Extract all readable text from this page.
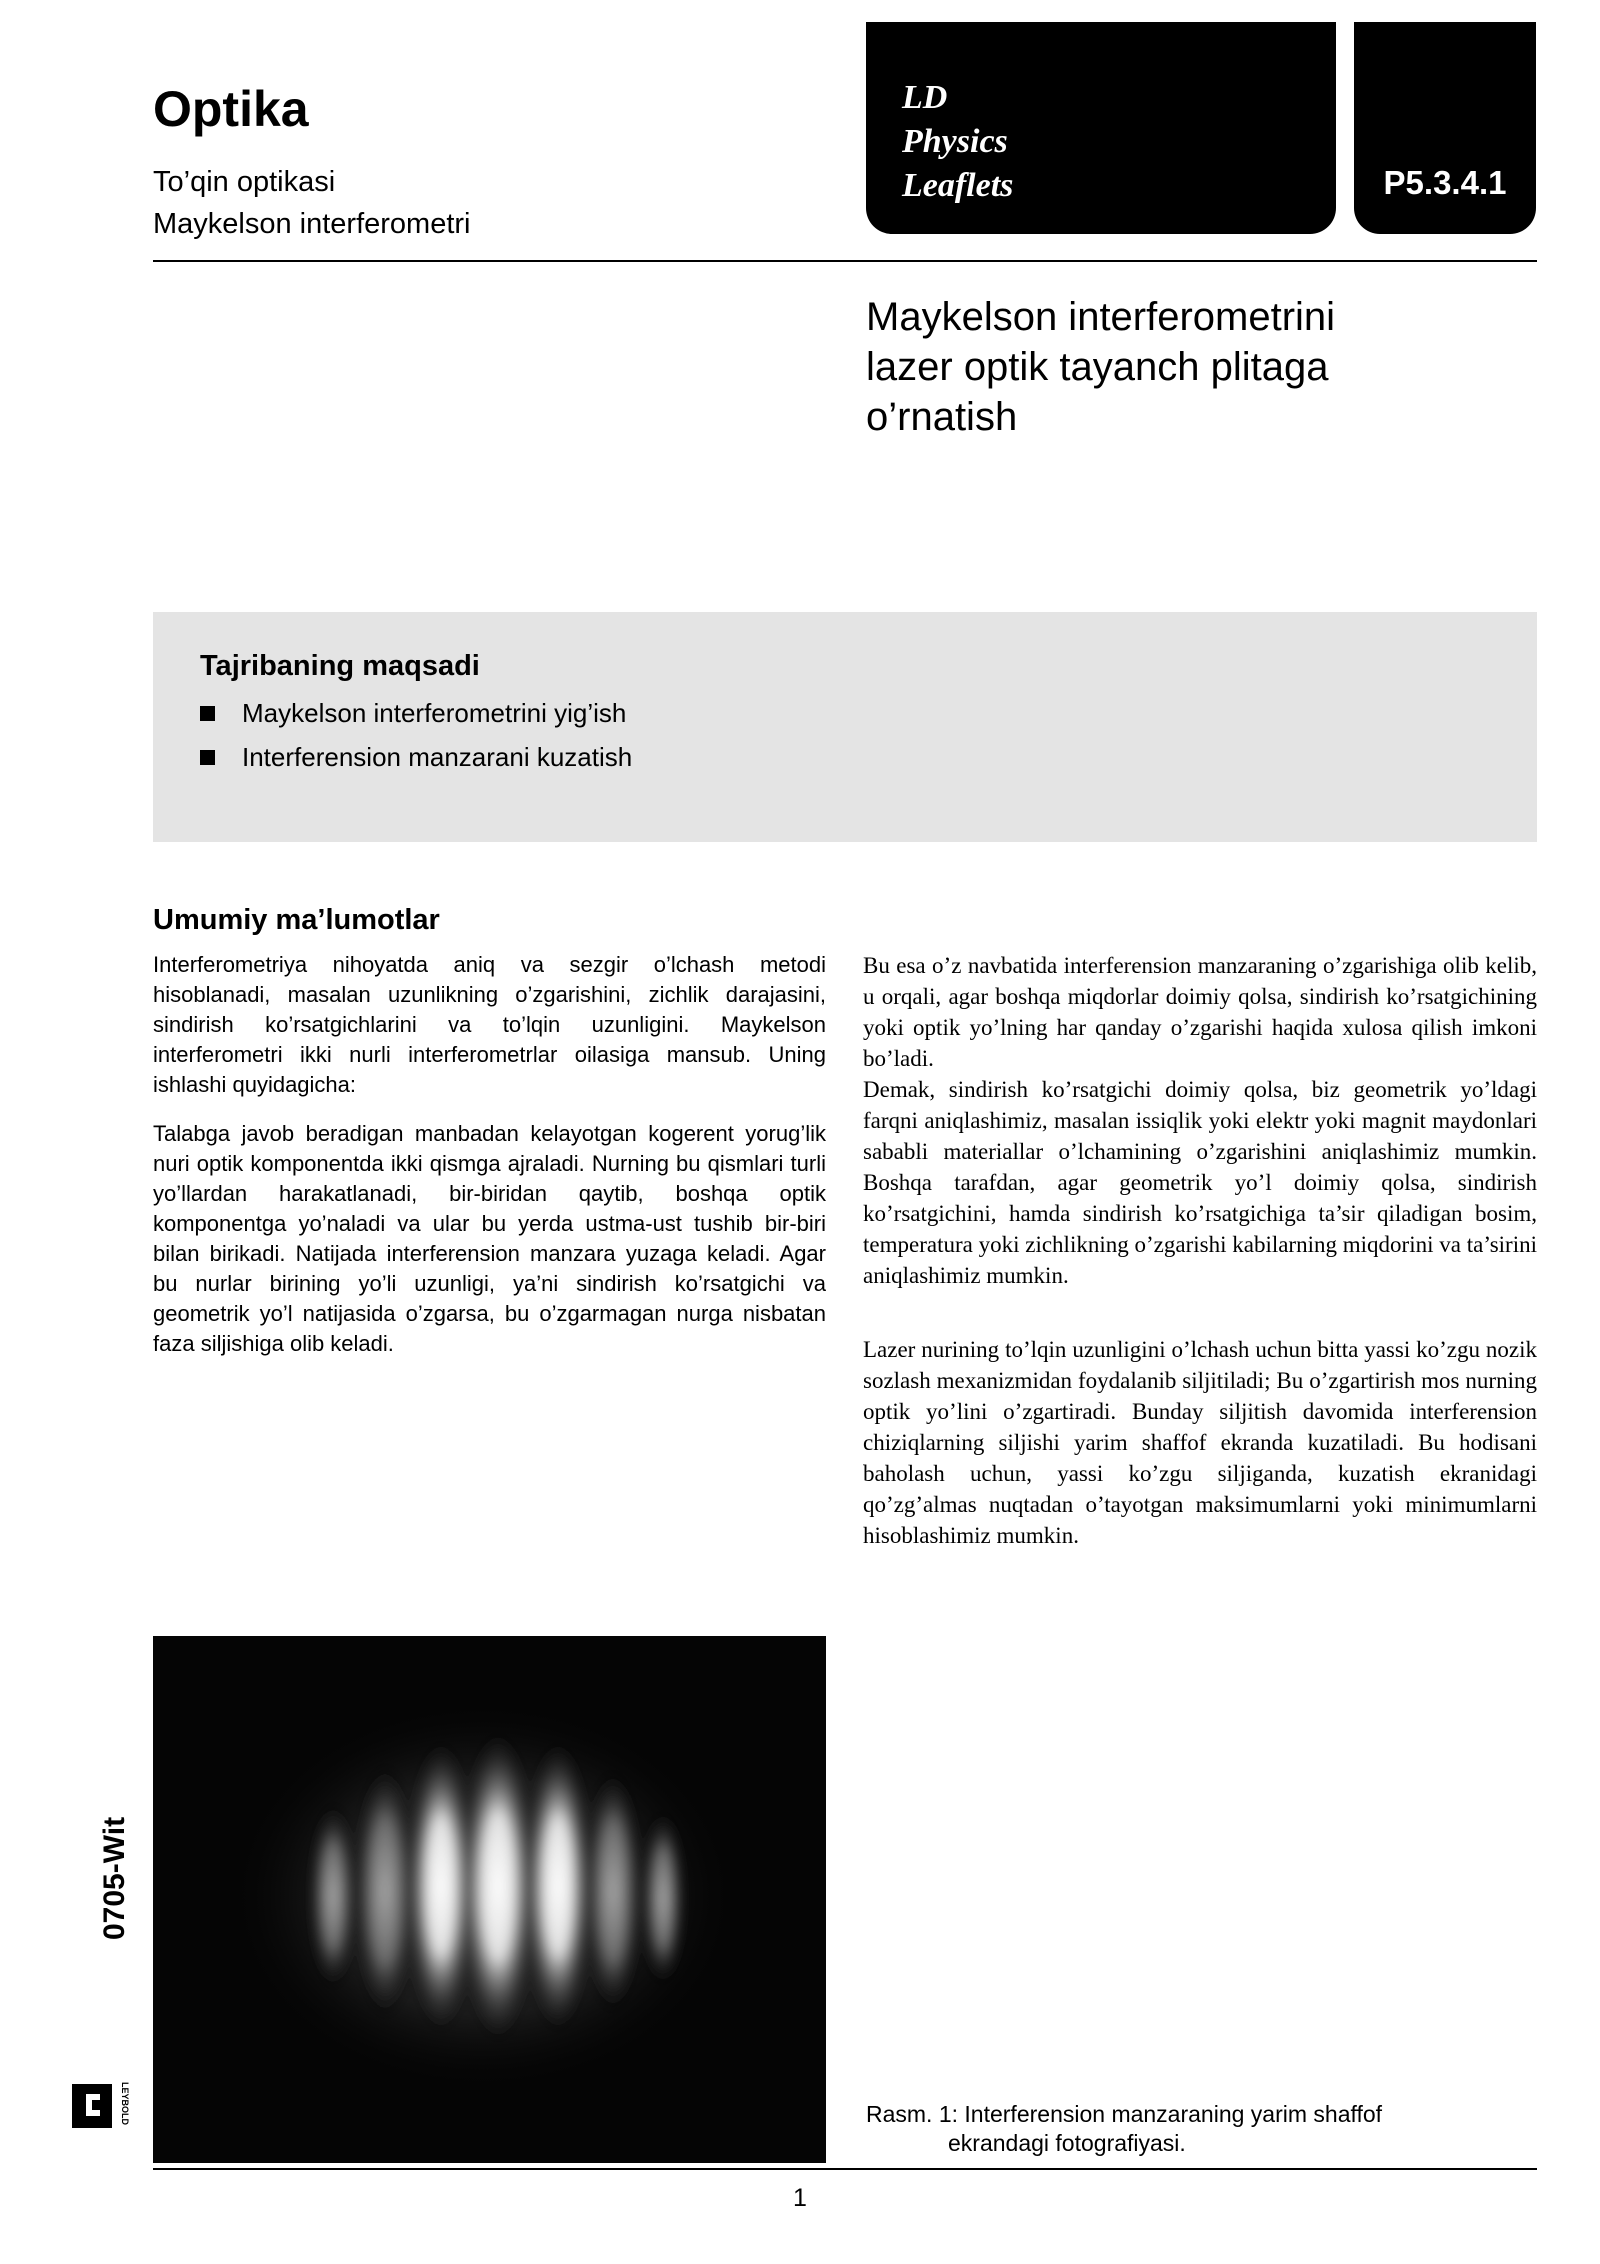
Optika
To’qin optikasi
Maykelson interferometri
LD
Physics
Leaflets	P5.3.4.1
Maykelson interferometrini
lazer optik tayanch plitaga
o’rnatish
Tajribaning maqsadi
Maykelson interferometrini yig’ish
Interferension manzarani kuzatish
Umumiy ma’lumotlar

Interferometriya nihoyatda aniq va sezgir o’lchash metodi hisoblanadi, masalan uzunlikning o’zgarishini, zichlik darajasini, sindirish ko’rsatgichlarini va to’lqin uzunligini. Maykelson interferometri ikki nurli interferometrlar oilasiga mansub. Uning ishlashi quyidagicha:

Talabga javob beradigan manbadan kelayotgan kogerent yorug’lik nuri optik komponentda ikki qismga ajraladi. Nurning bu qismlari turli yo’llardan harakatlanadi, bir-biridan qaytib, boshqa optik komponentga yo’naladi va ular bu yerda ustma-ust tushib bir-biri bilan birikadi. Natijada interferension manzara yuzaga keladi. Agar bu nurlar birining yo’li uzunligi, ya’ni sindirish ko’rsatgichi va geometrik yo’l natijasida o’zgarsa, bu o’zgarmagan nurga nisbatan faza siljishiga olib keladi.

Bu esa o’z navbatida interferension manzaraning o’zgarishiga olib kelib, u orqali, agar boshqa miqdorlar doimiy qolsa, sindirish ko’rsatgichining yoki optik yo’lning har qanday o’zgarishi haqida xulosa qilish imkoni bo’ladi.

Demak, sindirish ko’rsatgichi doimiy qolsa, biz geometrik yo’ldagi farqni aniqlashimiz, masalan issiqlik yoki elektr yoki magnit maydonlari sababli materiallar o’lchamining o’zgarishini aniqlashimiz mumkin. Boshqa tarafdan, agar geometrik yo’l doimiy qolsa, sindirish ko’rsatgichini, hamda sindirish ko’rsatgichiga ta’sir qiladigan bosim, temperatura yoki zichlikning o’zgarishi kabilarning miqdorini va ta’sirini aniqlashimiz mumkin.

Lazer nurining to’lqin uzunligini o’lchash uchun bitta yassi ko’zgu nozik sozlash mexanizmidan foydalanib siljitiladi; Bu o’zgartirish mos nurning optik yo’lini o’zgartiradi. Bunday siljitish davomida interferension chiziqlarning siljishi yarim shaffof ekranda kuzatiladi. Bu hodisani baholash uchun, yassi ko’zgu siljiganda, kuzatish ekranidagi qo’zg’almas nuqtadan o’tayotgan maksimumlarni yoki minimumlarni hisoblashimiz mumkin.

Rasm. 1: Interferension manzaraning yarim shaffof
ekrandagi fotografiyasi.
1
0705-Wit
LEYBOLD
